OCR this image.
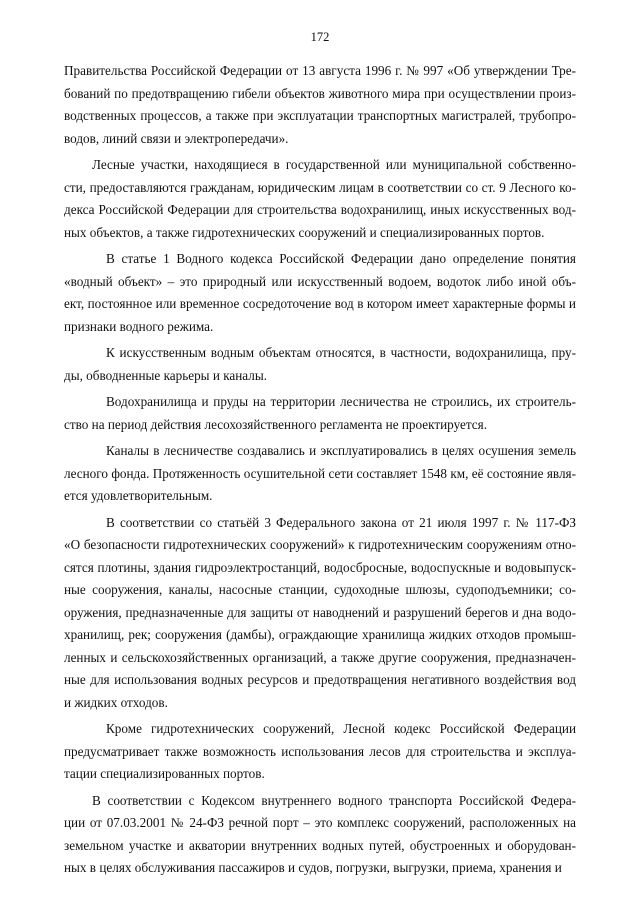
172
Правительства Российской Федерации от 13 августа 1996 г. № 997 «Об утверждении Тре-
бований по предотвращению гибели объектов животного мира при осуществлении произ-
водственных процессов, а также при эксплуатации транспортных магистралей, трубопро-
водов, линий связи и электропередачи».
Лесные участки, находящиеся в государственной или муниципальной собственно-
сти, предоставляются гражданам, юридическим лицам в соответствии со ст. 9 Лесного ко-
декса Российской Федерации для строительства водохранилищ, иных искусственных вод-
ных объектов, а также гидротехнических сооружений и специализированных портов.
В статье 1 Водного кодекса Российской Федерации дано определение понятия
«водный объект» – это природный или искусственный водоем, водоток либо иной объ-
ект, постоянное или временное сосредоточение вод в котором имеет характерные формы и
признаки водного режима.
К искусственным водным объектам относятся, в частности, водохранилища, пру-
ды, обводненные карьеры и каналы.
Водохранилища и пруды на территории лесничества не строились, их строитель-
ство на период действия лесохозяйственного регламента не проектируется.
Каналы в лесничестве создавались и эксплуатировались в целях осушения земель
лесного фонда. Протяженность осушительной сети составляет 1548 км, её состояние явля-
ется удовлетворительным.
В соответствии со статьёй 3 Федерального закона от 21 июля 1997 г. № 117-ФЗ
«О безопасности гидротехнических сооружений» к гидротехническим сооружениям отно-
сятся плотины, здания гидроэлектростанций, водосбросные, водоспускные и водовыпуск-
ные сооружения, каналы, насосные станции, судоходные шлюзы, судоподъемники; со-
оружения, предназначенные для защиты от наводнений и разрушений берегов и дна водо-
хранилищ, рек; сооружения (дамбы), ограждающие хранилища жидких отходов промыш-
ленных и сельскохозяйственных организаций, а также другие сооружения, предназначен-
ные для использования водных ресурсов и предотвращения негативного воздействия вод
и жидких отходов.
Кроме гидротехнических сооружений, Лесной кодекс Российской Федерации
предусматривает также возможность использования лесов для строительства и эксплуа-
тации специализированных портов.
В соответствии с Кодексом внутреннего водного транспорта Российской Федера-
ции от 07.03.2001 № 24-ФЗ речной порт – это комплекс сооружений, расположенных на
земельном участке и акватории внутренних водных путей, обустроенных и оборудован-
ных в целях обслуживания пассажиров и судов, погрузки, выгрузки, приема, хранения и
